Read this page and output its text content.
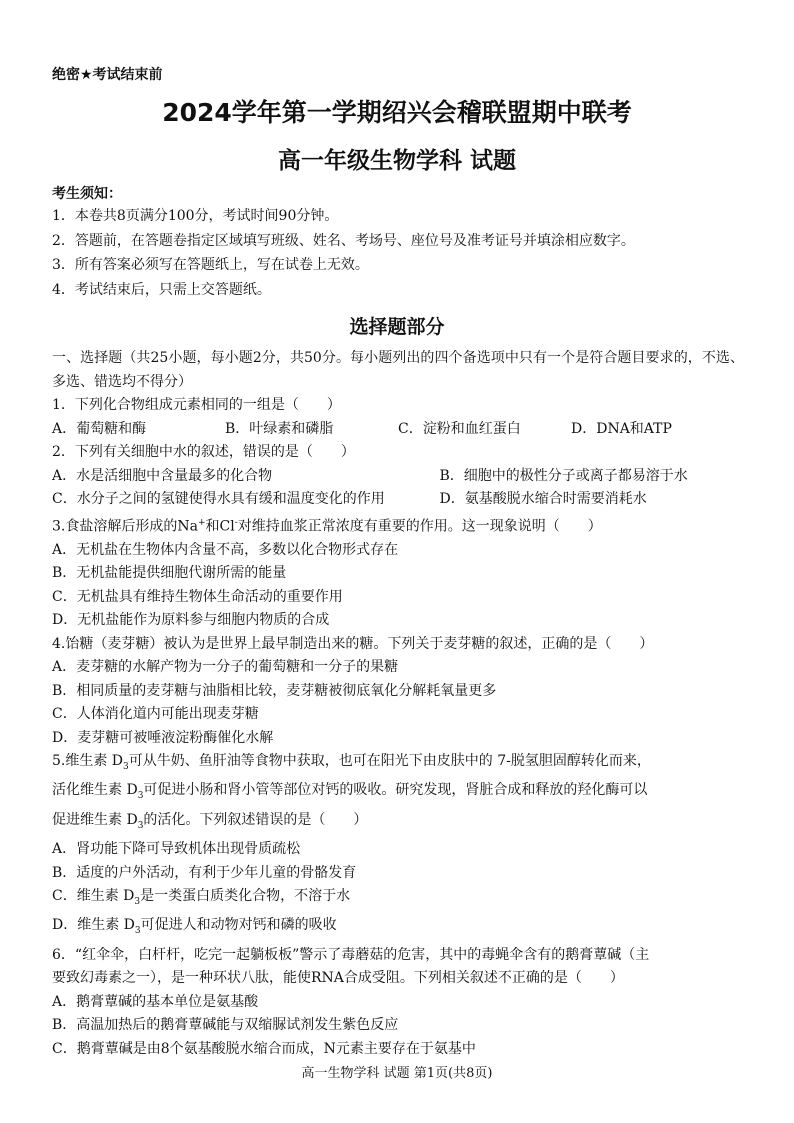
绝密★考试结束前
2024学年第一学期绍兴会稽联盟期中联考
高一年级生物学科 试题
考生须知：
1．本卷共8页满分100分，考试时间90分钟。
2．答题前，在答题卷指定区域填写班级、姓名、考场号、座位号及准考证号并填涂相应数字。
3．所有答案必须写在答题纸上，写在试卷上无效。
4．考试结束后，只需上交答题纸。
选择题部分
一、选择题（共25小题，每小题2分，共50分。每小题列出的四个备选项中只有一个是符合题目要求的，不选、多选、错选均不得分）
1．下列化合物组成元素相同的一组是（　　）
A．葡萄糖和酶	B．叶绿素和磷脂	C．淀粉和血红蛋白	D．DNA和ATP
2．下列有关细胞中水的叙述，错误的是（　　）
A．水是活细胞中含量最多的化合物	B．细胞中的极性分子或离子都易溶于水
C．水分子之间的氢键使得水具有缓和温度变化的作用	D．氨基酸脱水缩合时需要消耗水
3.食盐溶解后形成的Na+和Cl-对维持血浆正常浓度有重要的作用。这一现象说明（　　）
A．无机盐在生物体内含量不高，多数以化合物形式存在
B．无机盐能提供细胞代谢所需的能量
C．无机盐具有维持生物体生命活动的重要作用
D．无机盐能作为原料参与细胞内物质的合成
4.饴糖（麦芽糖）被认为是世界上最早制造出来的糖。下列关于麦芽糖的叙述，正确的是（　　）
A．麦芽糖的水解产物为一分子的葡萄糖和一分子的果糖
B．相同质量的麦芽糖与油脂相比较，麦芽糖被彻底氧化分解耗氧量更多
C．人体消化道内可能出现麦芽糖
D．麦芽糖可被唾液淀粉酶催化水解
5.维生素 $D_3$可从牛奶、鱼肝油等食物中获取，也可在阳光下由皮肤中的 7-脱氢胆固醇转化而来，
活化维生素 $D_3$可促进小肠和肾小管等部位对钙的吸收。研究发现，肾脏合成和释放的羟化酶可以
促进维生素 $D_3$的活化。下列叙述错误的是（　　）
A．肾功能下降可导致机体出现骨质疏松
B．适度的户外活动，有利于少年儿童的骨骼发育
C．维生素 $D_3$是一类蛋白质类化合物，不溶于水
D．维生素 $D_3$可促进人和动物对钙和磷的吸收
6．“红伞伞，白杆杆，吃完一起躺板板”警示了毒蘑菇的危害，其中的毒蝇伞含有的鹅膏蕈碱（主
要致幻毒素之一），是一种环状八肽，能使RNA合成受阻。下列相关叙述不正确的是（　　）
A．鹅膏蕈碱的基本单位是氨基酸
B．高温加热后的鹅膏蕈碱能与双缩脲试剂发生紫色反应
C．鹅膏蕈碱是由8个氨基酸脱水缩合而成，N元素主要存在于氨基中
高一生物学科 试题 第1页(共8页)
